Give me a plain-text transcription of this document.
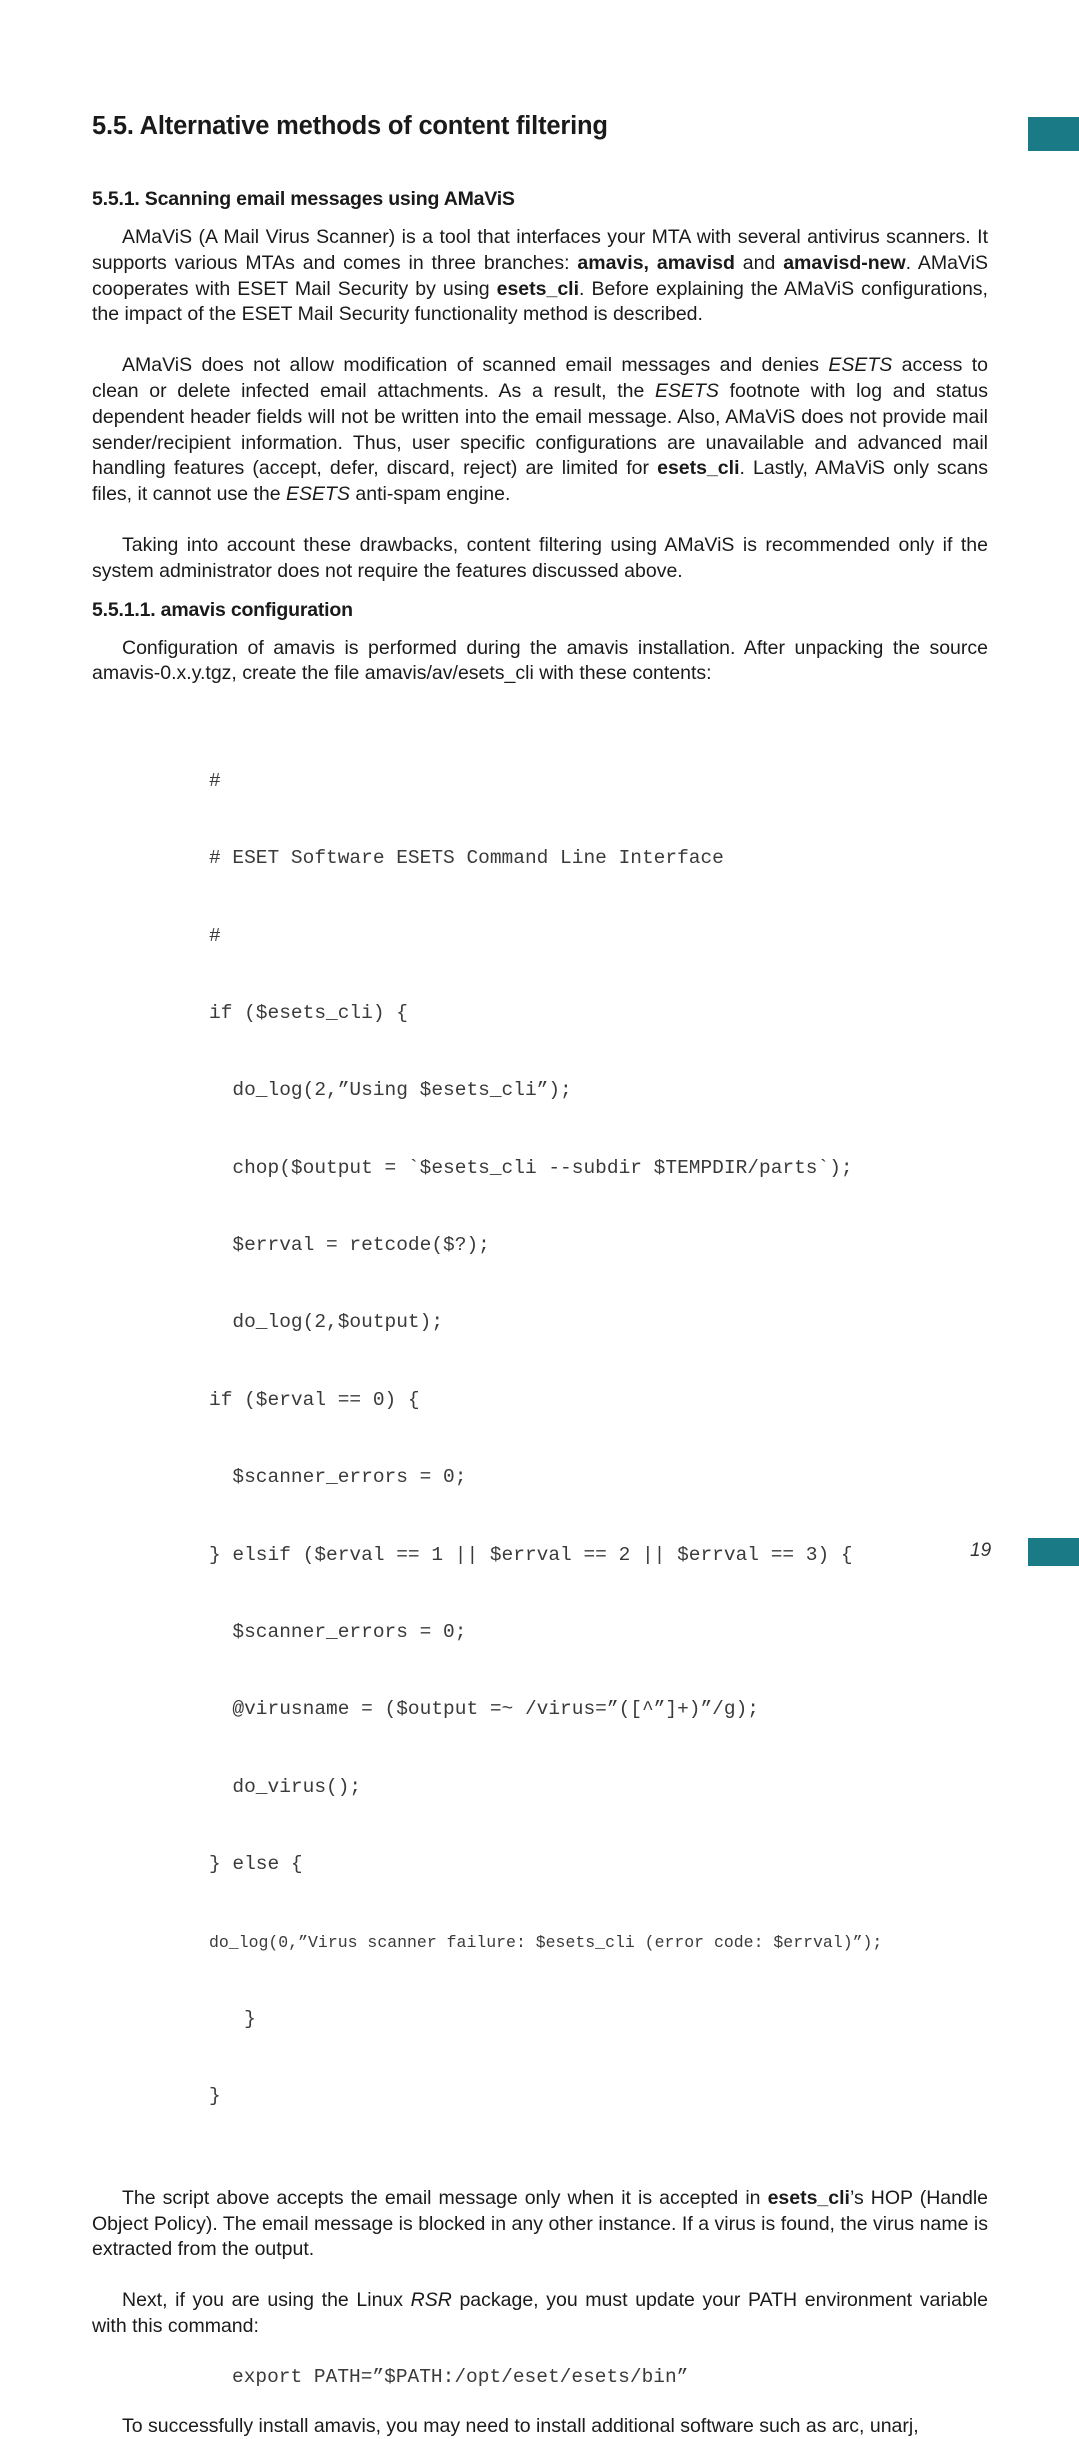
5.5. Alternative methods of content filtering
5.5.1. Scanning email messages using AMaViS

AMaViS (A Mail Virus Scanner) is a tool that interfaces your MTA with several antivirus scanners. It supports various MTAs and comes in three branches: amavis, amavisd and amavisd-new. AMaViS cooperates with ESET Mail Security by using esets_cli. Before explaining the AMaViS configurations, the impact of the ESET Mail Security functionality method is described.

AMaViS does not allow modification of scanned email messages and denies ESETS access to clean or delete infected email attachments. As a result, the ESETS footnote with log and status dependent header fields will not be written into the email message. Also, AMaViS does not provide mail sender/recipient information. Thus, user specific configurations are unavailable and advanced mail handling features (accept, defer, discard, reject) are limited for esets_cli. Lastly, AMaViS only scans files, it cannot use the ESETS anti-spam engine.

Taking into account these drawbacks, content filtering using AMaViS is recommended only if the system administrator does not require the features discussed above.

5.5.1.1. amavis configuration

Configuration of amavis is performed during the amavis installation. After unpacking the source amavis-0.x.y.tgz, create the file amavis/av/esets_cli with these contents:

#

# ESET Software ESETS Command Line Interface

#

if ($esets_cli) {

do_log(2,”Using $esets_cli”);

chop($output = `$esets_cli --subdir $TEMPDIR/parts`);

$errval = retcode($?);

do_log(2,$output);

if ($erval == 0) {

$scanner_errors = 0;

} elsif ($erval == 1 || $errval == 2 || $errval == 3) {

$scanner_errors = 0;

@virusname = ($output =~ /virus=”([^”]+)”/g);

do_virus();

} else {

do_log(0,”Virus scanner failure: $esets_cli (error code: $errval)”);

}

}

The script above accepts the email message only when it is accepted in esets_cli’s HOP (Handle Object Policy). The email message is blocked in any other instance. If a virus is found, the virus name is extracted from the output.

Next, if you are using the Linux RSR package, you must update your PATH environment variable with this command:

export PATH=”$PATH:/opt/eset/esets/bin”

To successfully install amavis, you may need to install additional software such as arc, unarj,

19
